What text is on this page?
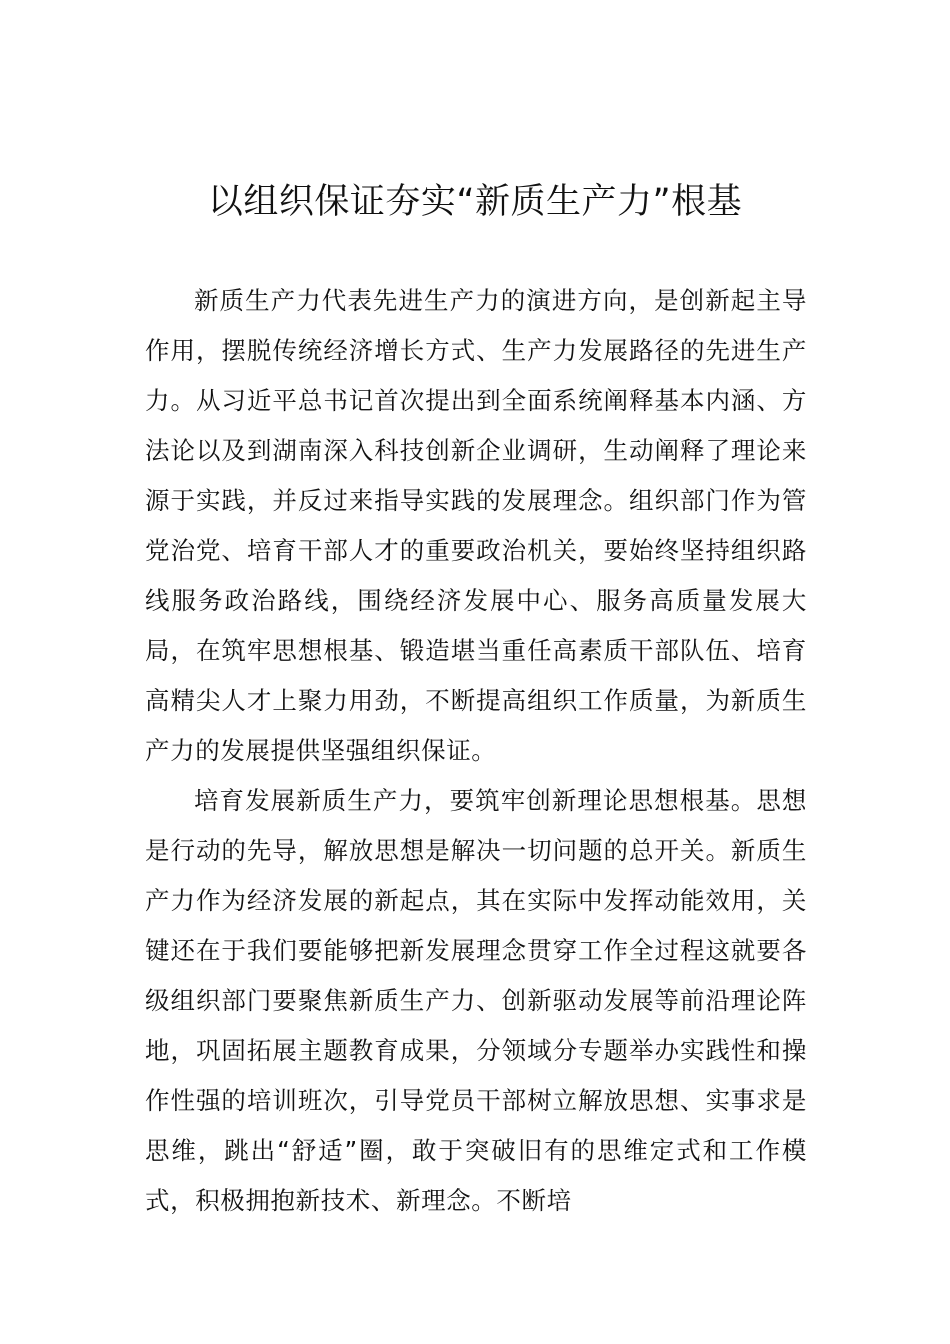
以组织保证夯实“新质生产力”根基

新质生产力代表先进生产力的演进方向，是创新起主导作用，摆脱传统经济增长方式、生产力发展路径的先进生产力。从习近平总书记首次提出到全面系统阐释基本内涵、方法论以及到湖南深入科技创新企业调研，生动阐释了理论来源于实践，并反过来指导实践的发展理念。组织部门作为管党治党、培育干部人才的重要政治机关，要始终坚持组织路线服务政治路线，围绕经济发展中心、服务高质量发展大局，在筑牢思想根基、锻造堪当重任高素质干部队伍、培育高精尖人才上聚力用劲，不断提高组织工作质量，为新质生产力的发展提供坚强组织保证。

培育发展新质生产力，要筑牢创新理论思想根基。思想是行动的先导，解放思想是解决一切问题的总开关。新质生产力作为经济发展的新起点，其在实际中发挥动能效用，关键还在于我们要能够把新发展理念贯穿工作全过程这就要各级组织部门要聚焦新质生产力、创新驱动发展等前沿理论阵地，巩固拓展主题教育成果，分领域分专题举办实践性和操作性强的培训班次，引导党员干部树立解放思想、实事求是思维，跳出“舒适”圈，敢于突破旧有的思维定式和工作模式，积极拥抱新技术、新理念。不断培
